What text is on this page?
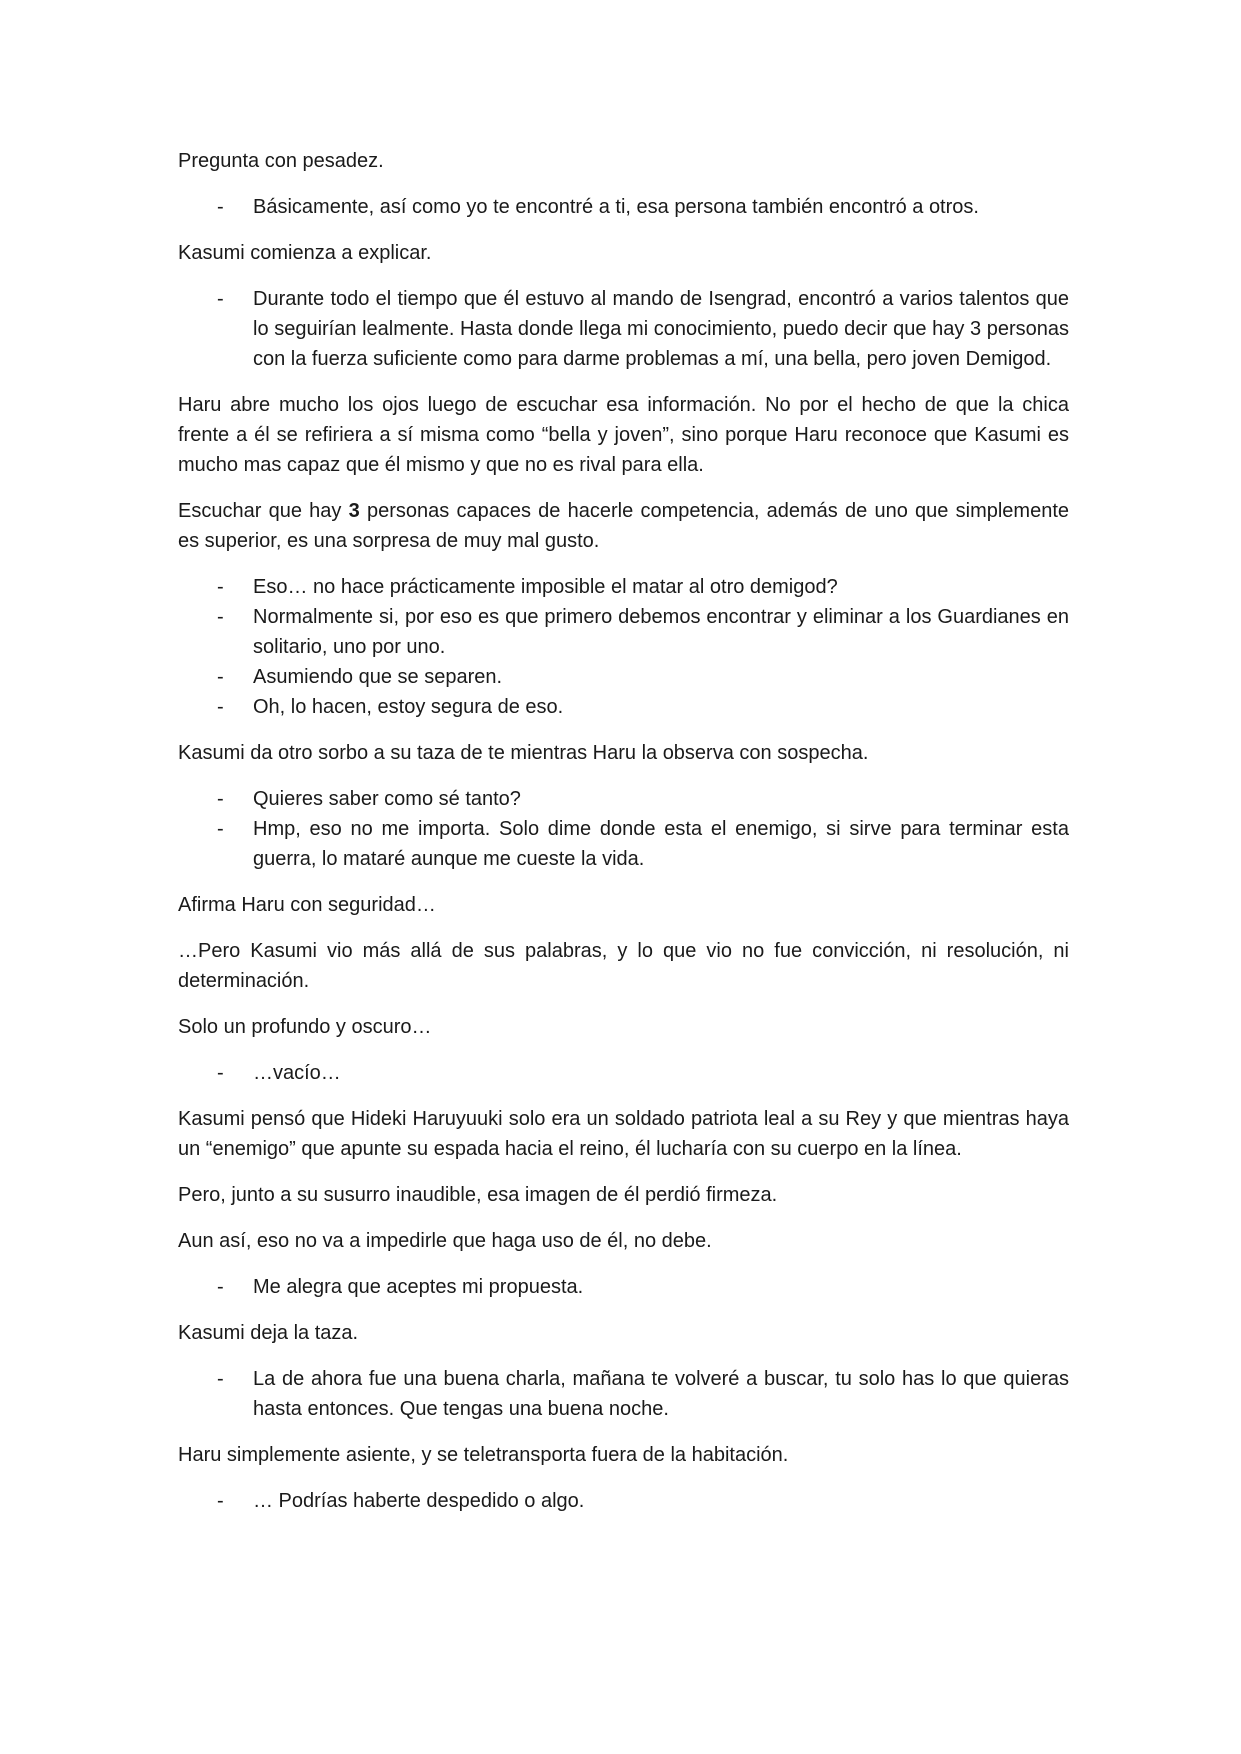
Pregunta con pesadez.

-	Básicamente, así como yo te encontré a ti, esa persona también encontró a otros.

Kasumi comienza a explicar.

-	Durante todo el tiempo que él estuvo al mando de Isengrad, encontró a varios talentos que lo seguirían lealmente. Hasta donde llega mi conocimiento, puedo decir que hay 3 personas con la fuerza suficiente como para darme problemas a mí, una bella, pero joven Demigod.

Haru abre mucho los ojos luego de escuchar esa información. No por el hecho de que la chica frente a él se refiriera a sí misma como “bella y joven”, sino porque Haru reconoce que Kasumi es mucho mas capaz que él mismo y que no es rival para ella.

Escuchar que hay 3 personas capaces de hacerle competencia, además de uno que simplemente es superior, es una sorpresa de muy mal gusto.

-	Eso… no hace prácticamente imposible el matar al otro demigod?
-	Normalmente si, por eso es que primero debemos encontrar y eliminar a los Guardianes en solitario, uno por uno.
-	Asumiendo que se separen.
-	Oh, lo hacen, estoy segura de eso.

Kasumi da otro sorbo a su taza de te mientras Haru la observa con sospecha.

-	Quieres saber como sé tanto?
-	Hmp, eso no me importa. Solo dime donde esta el enemigo, si sirve para terminar esta guerra, lo mataré aunque me cueste la vida.

Afirma Haru con seguridad…

…Pero Kasumi vio más allá de sus palabras, y lo que vio no fue convicción, ni resolución, ni determinación.

Solo un profundo y oscuro…

-	…vacío…

Kasumi pensó que Hideki Haruyuuki solo era un soldado patriota leal a su Rey y que mientras haya un “enemigo” que apunte su espada hacia el reino, él lucharía con su cuerpo en la línea.

Pero, junto a su susurro inaudible, esa imagen de él perdió firmeza.

Aun así, eso no va a impedirle que haga uso de él, no debe.

-	Me alegra que aceptes mi propuesta.

Kasumi deja la taza.

-	La de ahora fue una buena charla, mañana te volveré a buscar, tu solo has lo que quieras hasta entonces. Que tengas una buena noche.

Haru simplemente asiente, y se teletransporta fuera de la habitación.

-	… Podrías haberte despedido o algo.
